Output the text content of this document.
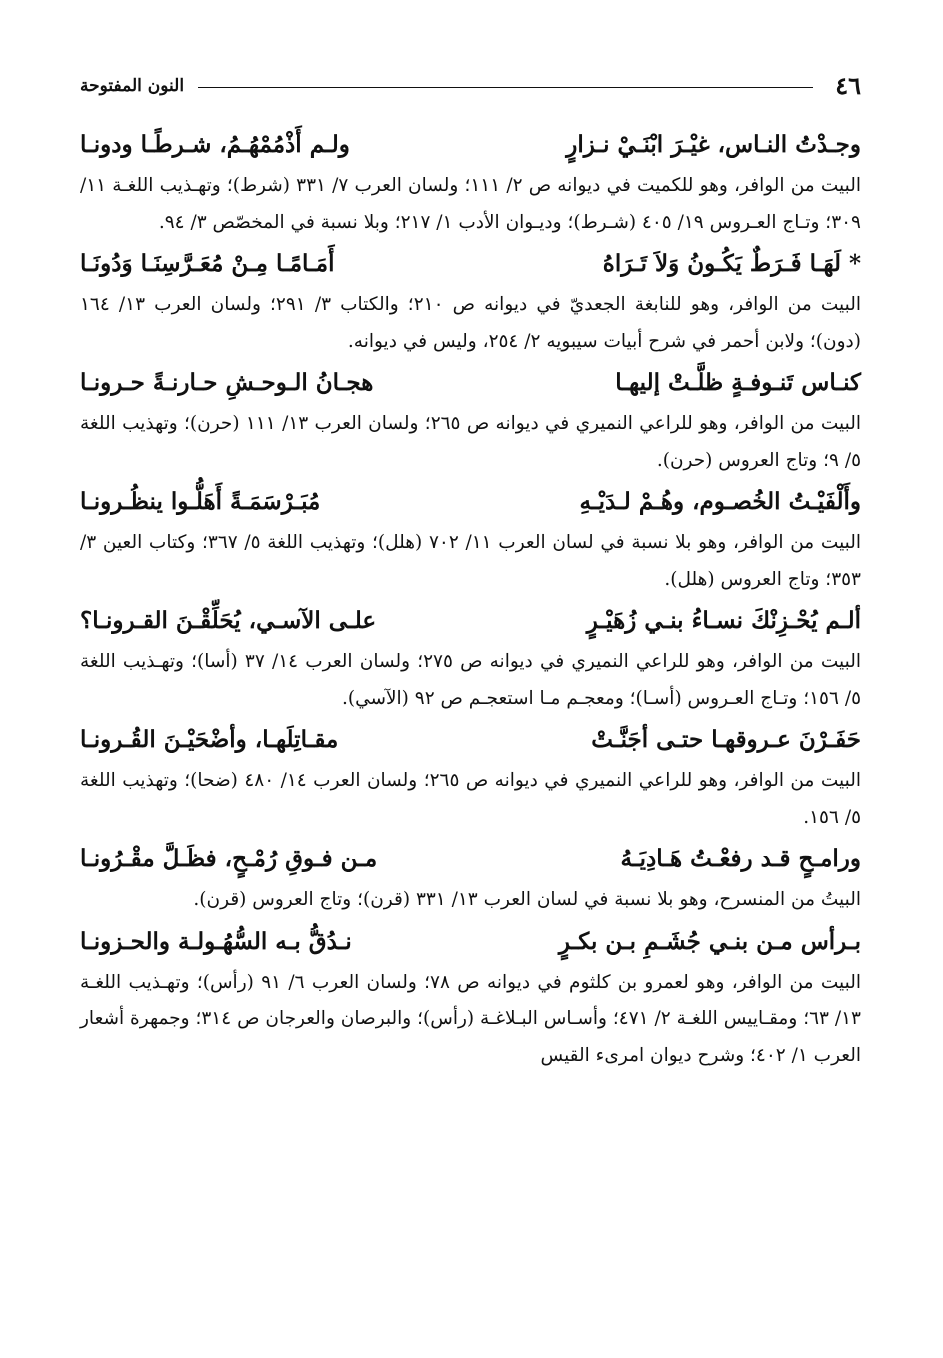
٤٦
النون المفتوحة
وجـدْتُ النـاس، غيْـرَ ابْنَـيْ نـزارٍ
ولـم أَذْمُمْهُـمُ، شـرطًـا ودونـا

البيت من الوافر، وهو للكميت في ديوانه ص ٢/ ١١١؛ ولسان العرب ٧/ ٣٣١ (شرط)؛ وتهـذيب اللغـة ١١/ ٣٠٩؛ وتـاج العـروس ١٩/ ٤٠٥ (شـرط)؛ وديـوان الأدب ١/ ٢١٧؛ وبلا نسبة في المخصّص ٣/ ٩٤.

* لَهَـا فَـرَطٌ يَكُـونُ وَلاَ تَـرَاهُ
أَمَـامًـا مِـنْ مُعَـرَّسِنَـا وَدُونَـا

البيت من الوافر، وهو للنابغة الجعديّ في ديوانه ص ٢١٠؛ والكتاب ٣/ ٢٩١؛ ولسان العرب ١٣/ ١٦٤ (دون)؛ ولابن أحمر في شرح أبيات سيبويه ٢/ ٢٥٤، وليس في ديوانه.

كنـاس تَنـوفـةٍ ظلَّـتْ إليهـا
هجـانُ الـوحـشِ حـارنـةً حـرونـا

البيت من الوافر، وهو للراعي النميري في ديوانه ص ٢٦٥؛ ولسان العرب ١٣/ ١١١ (حرن)؛ وتهذيب اللغة ٥/ ٩؛ وتاج العروس (حرن).

وأَلْفَيْـتُ الخُصـوم، وهُـمْ لـدَيْـهِ
مُبَـرْسَمَـةً أَهَلُّـوا ينظُـرونـا

البيت من الوافر، وهو بلا نسبة في لسان العرب ١١/ ٧٠٢ (هلل)؛ وتهذيب اللغة ٥/ ٣٦٧؛ وكتاب العين ٣/ ٣٥٣؛ وتاج العروس (هلل).

ألـم يُحْـزِنْكَ نسـاءُ بنـي زُهَيْـرٍ
علـى الآسـي، يُحَلِّقْـنَ القـرونـا؟

البيت من الوافر، وهو للراعي النميري في ديوانه ص ٢٧٥؛ ولسان العرب ١٤/ ٣٧ (أسا)؛ وتهـذيب اللغة ٥/ ١٥٦؛ وتـاج العـروس (أسـا)؛ ومعجـم مـا استعجـم ص ٩٢ (الآسي).

حَفَـرْنَ عـروقهـا حتـى أجَنَّـتْ
مقـاتِلَهـا، وأضْحَيْـنَ القُـرونـا

البيت من الوافر، وهو للراعي النميري في ديوانه ص ٢٦٥؛ ولسان العرب ١٤/ ٤٨٠ (ضحا)؛ وتهذيب اللغة ٥/ ١٥٦.

ورامـحٍ قـد رفعْـتُ هَـادِيَـهُ
مـن فـوقِ رُمْـحٍ، فظَـلَّ مقْـرُونـا

البيتُ من المنسرح، وهو بلا نسبة في لسان العرب ١٣/ ٣٣١ (قرن)؛ وتاج العروس (قرن).

بـرأس مـن بنـي جُشَـمِ بـن بكـرٍ
نـدُقُّ بـه السُّهُـولـة والحـزونـا

البيت من الوافر، وهو لعمرو بن كلثوم في ديوانه ص ٧٨؛ ولسان العرب ٦/ ٩١ (رأس)؛ وتهـذيب اللغـة ١٣/ ٦٣؛ ومقـاييس اللغـة ٢/ ٤٧١؛ وأسـاس البـلاغـة (رأس)؛ والبرصان والعرجان ص ٣١٤؛ وجمهرة أشعار العرب ١/ ٤٠٢؛ وشرح ديوان امرىء القيس
